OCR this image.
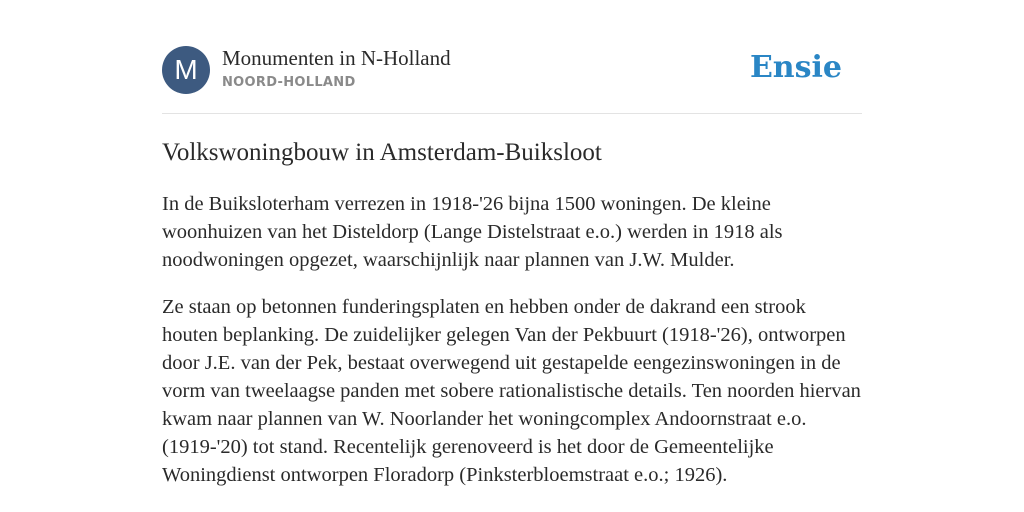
M	Monumenten in N-Holland
NOORD-HOLLAND	Ensie
Volkswoningbouw in Amsterdam-Buiksloot

In de Buiksloterham verrezen in 1918-'26 bijna 1500 woningen. De kleine woonhuizen van het Disteldorp (Lange Distelstraat e.o.) werden in 1918 als noodwoningen opgezet, waarschijnlijk naar plannen van J.W. Mulder.

Ze staan op betonnen funderingsplaten en hebben onder de dakrand een strook houten beplanking. De zuidelijker gelegen Van der Pekbuurt (1918-'26), ontworpen door J.E. van der Pek, bestaat overwegend uit gestapelde eengezinswoningen in de vorm van tweelaagse panden met sobere rationalistische details. Ten noorden hiervan kwam naar plannen van W. Noorlander het woningcomplex Andoornstraat e.o. (1919-'20) tot stand. Recentelijk gerenoveerd is het door de Gemeentelijke Woningdienst ontworpen Floradorp (Pinksterbloemstraat e.o.; 1926).
